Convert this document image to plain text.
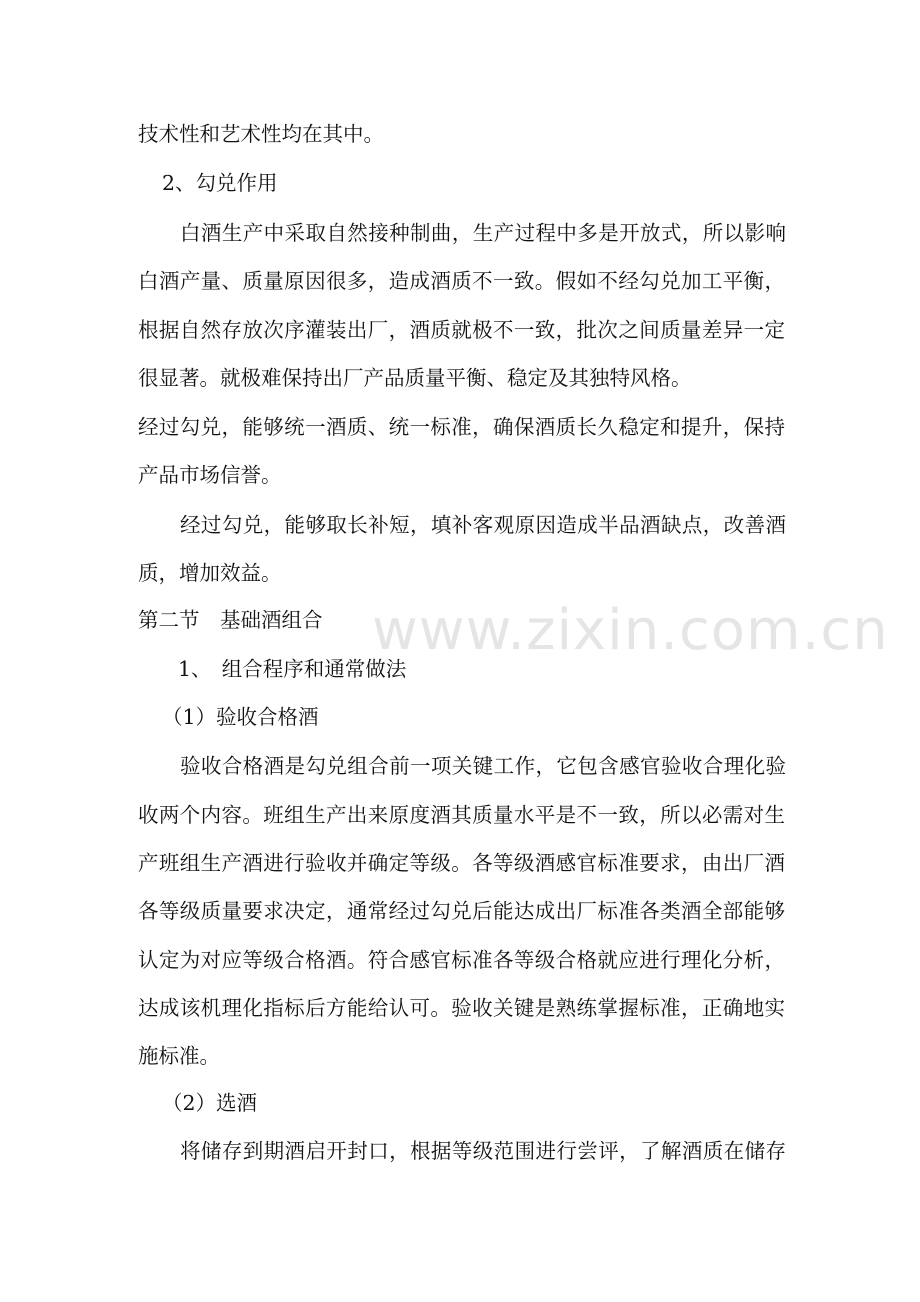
www.zixin.com.cn
技术性和艺术性均在其中。
2、勾兑作用
白酒生产中采取自然接种制曲，生产过程中多是开放式，所以影响
白酒产量、质量原因很多，造成酒质不一致。假如不经勾兑加工平衡，
根据自然存放次序灌装出厂，酒质就极不一致，批次之间质量差异一定
很显著。就极难保持出厂产品质量平衡、稳定及其独特风格。
经过勾兑，能够统一酒质、统一标准，确保酒质长久稳定和提升，保持
产品市场信誉。
经过勾兑，能够取长补短，填补客观原因造成半品酒缺点，改善酒
质，增加效益。
第二节　基础酒组合
1、　组合程序和通常做法
（1）验收合格酒
验收合格酒是勾兑组合前一项关键工作，它包含感官验收合理化验
收两个内容。班组生产出来原度酒其质量水平是不一致，所以必需对生
产班组生产酒进行验收并确定等级。各等级酒感官标准要求，由出厂酒
各等级质量要求决定，通常经过勾兑后能达成出厂标准各类酒全部能够
认定为对应等级合格酒。符合感官标准各等级合格就应进行理化分析，
达成该机理化指标后方能给认可。验收关键是熟练掌握标准，正确地实
施标准。
（2）选酒
将储存到期酒启开封口，根据等级范围进行尝评，了解酒质在储存
